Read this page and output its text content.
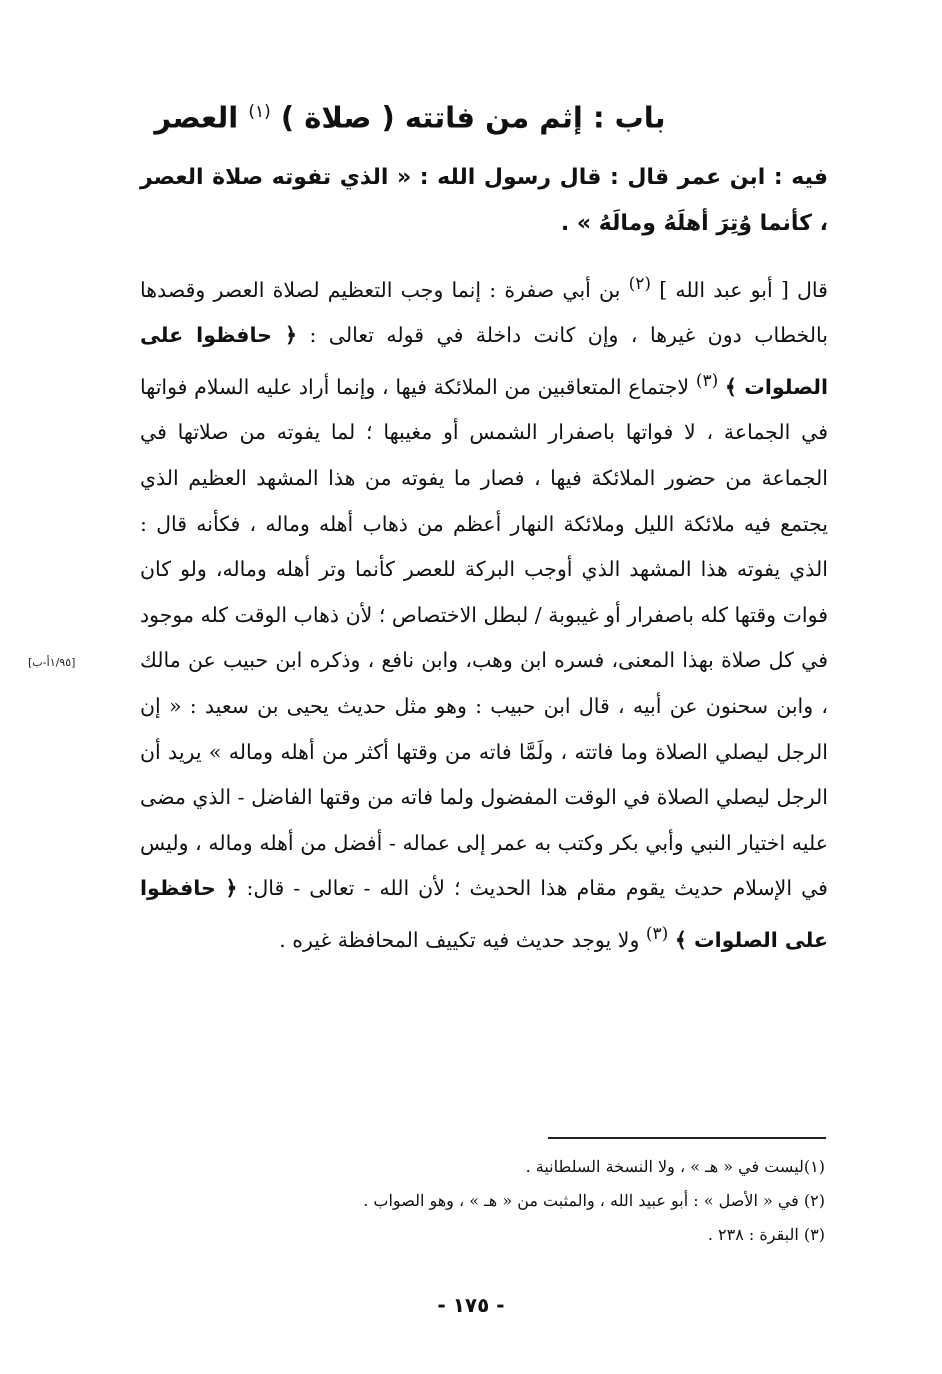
باب : إثم من فاتته ( صلاة ) $^{(١)}$ العصر
فيه : ابن عمر قال : قال رسول الله : « الذي تفوته صلاة العصر ، كأنما وُتِرَ أهلَهُ ومالَهُ » .
قال [ أبو عبد الله ] $^{(٢)}$ بن أبي صفرة : إنما وجب التعظيم لصلاة العصر وقصدها بالخطاب دون غيرها ، وإن كانت داخلة في قوله تعالى : ﴿ حافظوا على الصلوات ﴾ $^{(٣)}$ لاجتماع المتعاقبين من الملائكة فيها ، وإنما أراد عليه السلام فواتها في الجماعة ، لا فواتها باصفرار الشمس أو مغيبها ؛ لما يفوته من صلاتها في الجماعة من حضور الملائكة فيها ، فصار ما يفوته من هذا المشهد العظيم الذي يجتمع فيه ملائكة الليل وملائكة النهار أعظم من ذهاب أهله وماله ، فكأنه قال : الذي يفوته هذا المشهد الذي أوجب البركة للعصر كأنما وتر أهله وماله، ولو كان فوات وقتها كله باصفرار أو غيبوبة / لبطل الاختصاص ؛ لأن ذهاب الوقت كله موجود في كل صلاة بهذا المعنى، فسره ابن وهب، وابن نافع ، وذكره ابن حبيب عن مالك ، وابن سحنون عن أبيه ، قال ابن حبيب : وهو مثل حديث يحيى بن سعيد : « إن الرجل ليصلي الصلاة وما فاتته ، ولَمَّا فاته من وقتها أكثر من أهله وماله » يريد أن الرجل ليصلي الصلاة في الوقت المفضول ولما فاته من وقتها الفاضل - الذي مضى عليه اختيار النبي وأبي بكر وكتب به عمر إلى عماله - أفضل من أهله وماله ، وليس في الإسلام حديث يقوم مقام هذا الحديث ؛ لأن الله - تعالى - قال: ﴿ حافظوا على الصلوات ﴾ $^{(٣)}$ ولا يوجد حديث فيه تكييف المحافظة غيره .
[١/٩٥أ-ب]
(١)ليست في « هـ » ، ولا النسخة السلطانية .
(٢) في « الأصل » : أبو عبيد الله ، والمثبت من « هـ » ، وهو الصواب .
(٣) البقرة : ٢٣٨ .
- ١٧٥ -
